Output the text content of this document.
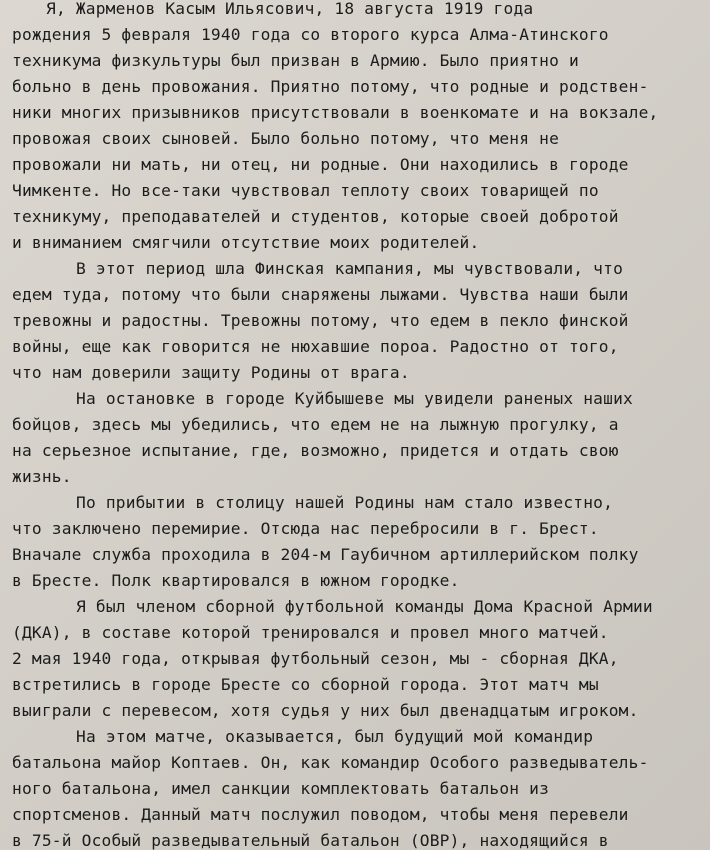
Я, Жарменов Касым Ильясович, 18 августа 1919 года
рождения 5 февраля 1940 года со второго курса Алма-Атинского
техникума физкультуры был призван в Армию. Было приятно и
больно в день провожания. Приятно потому, что родные и родствен-
ники многих призывников присутствовали в военкомате и на вокзале,
провожая своих сыновей. Было больно потому, что меня не
провожали ни мать, ни отец, ни родные. Они находились в городе
Чимкенте. Но все-таки чувствовал теплоту своих товарищей по
техникуму, преподавателей и студентов, которые своей добротой
и вниманием смягчили отсутствие моих родителей.
В этот период шла Финская кампания, мы чувствовали, что
едем туда, потому что были снаряжены лыжами. Чувства наши были
тревожны и радостны. Тревожны потому, что едем в пекло финской
войны, еще как говорится не нюхавшие пороа. Радостно от того,
что нам доверили защиту Родины от врага.
На остановке в городе Куйбышеве мы увидели раненых наших
бойцов, здесь мы убедились, что едем не на лыжную прогулку, а
на серьезное испытание, где, возможно, придется и отдать свою
жизнь.
По прибытии в столицу нашей Родины нам стало известно,
что заключено перемирие. Отсюда нас перебросили в г. Брест.
Вначале служба проходила в 204-м Гаубичном артиллерийском полку
в Бресте. Полк квартировался в южном городке.
Я был членом сборной футбольной команды Дома Красной Армии
(ДКА), в составе которой тренировался и провел много матчей.
2 мая 1940 года, открывая футбольный сезон, мы - сборная ДКА,
встретились в городе Бресте со сборной города. Этот матч мы
выиграли с перевесом, хотя судья у них был двенадцатым игроком.
На этом матче, оказывается, был будущий мой командир
батальона майор Коптаев. Он, как командир Особого разведыватель-
ного батальона, имел санкции комплектовать батальон из
спортсменов. Данный матч послужил поводом, чтобы меня перевели
в 75-й Особый разведывательный батальон (ОВР), находящийся в
